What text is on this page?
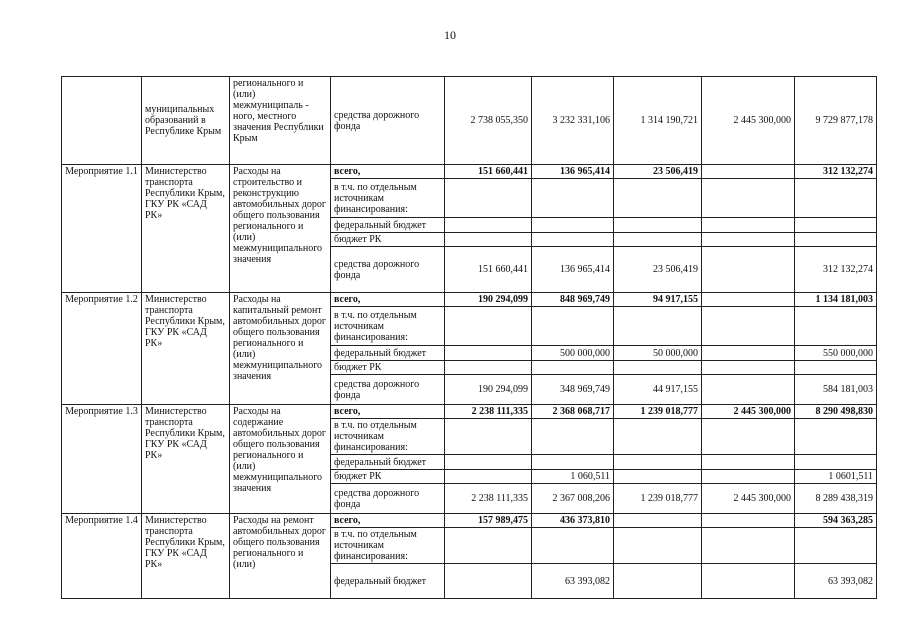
10
	муниципальных образований в Республике Крым	регионального и (или) межмуниципаль - ного, местного значения Республики Крым	средства дорожного фонда	2 738 055,350	3 232 331,106	1 314 190,721	2 445 300,000	9 729 877,178
Мероприятие 1.1	Министерство транспорта Республики Крым, ГКУ РК «САД РК»	Расходы на строительство и реконструкцию автомобильных дорог общего пользования регионального и (или) межмуниципального значения	всего,	151 660,441	136 965,414	23 506,419		312 132,274
			в т.ч. по отдельным источникам финансирования:					
			федеральный бюджет					
			бюджет РК					
			средства дорожного фонда	151 660,441	136 965,414	23 506,419		312 132,274
Мероприятие 1.2	Министерство транспорта Республики Крым, ГКУ РК «САД РК»	Расходы на капитальный ремонт автомобильных дорог общего пользования регионального и (или) межмуниципального значения	всего,	190 294,099	848 969,749	94 917,155		1 134 181,003
			в т.ч. по отдельным источникам финансирования:					
			федеральный бюджет		500 000,000	50 000,000		550 000,000
			бюджет РК					
			средства дорожного фонда	190 294,099	348 969,749	44 917,155		584 181,003
Мероприятие 1.3	Министерство транспорта Республики Крым, ГКУ РК «САД РК»	Расходы на содержание автомобильных дорог общего пользования регионального и (или) межмуниципального значения	всего,	2 238 111,335	2 368 068,717	1 239 018,777	2 445 300,000	8 290 498,830
			в т.ч. по отдельным источникам финансирования:					
			федеральный бюджет					
			бюджет РК		1 060,511			1 0601,511
			средства дорожного фонда	2 238 111,335	2 367 008,206	1 239 018,777	2 445 300,000	8 289 438,319
Мероприятие 1.4	Министерство транспорта Республики Крым, ГКУ РК «САД РК»	Расходы на ремонт автомобильных дорог общего пользования регионального и (или)	всего,	157 989,475	436 373,810			594 363,285
			в т.ч. по отдельным источникам финансирования:					
			федеральный бюджет		63 393,082			63 393,082
